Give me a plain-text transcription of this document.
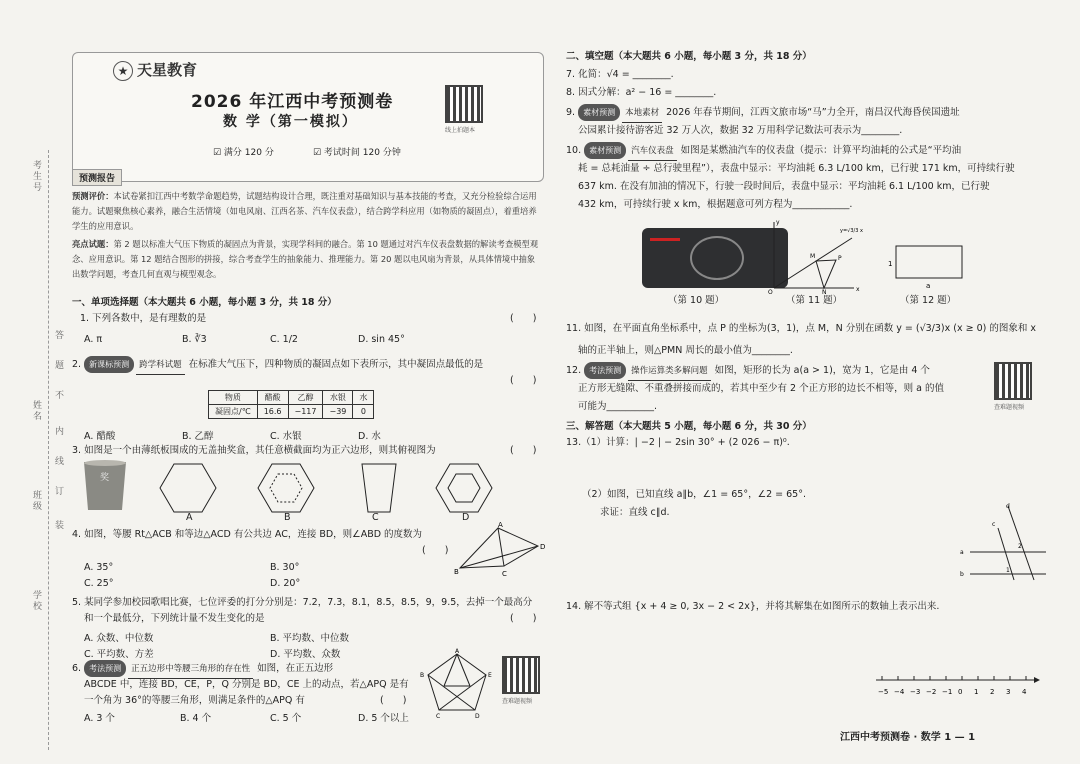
考生号
姓名
班级
学校
答
题
不
内
线
订
装
★ 天星教育
2026 年江西中考预测卷
数 学（第一模拟）
线上拍题本
☑ 满分 120 分	☑ 考试时间 120 分钟
预测报告
预测评价：本试卷紧扣江西中考数学命题趋势，试题结构设计合理，既注重对基础知识与基本技能的考查，又充分检验综合运用能力。试题聚焦核心素养，融合生活情境（如电风扇、江西名茶、汽车仪表盘），结合跨学科应用（如物质的凝固点），着重培养学生的应用意识。
亮点试题：第 2 题以标准大气压下物质的凝固点为背景，实现学科间的融合。第 10 题通过对汽车仪表盘数据的解读考查模型观念、应用意识。第 12 题结合图形的拼接，综合考查学生的抽象能力、推理能力。第 20 题以电风扇为背景，从具体情境中抽象出数学问题，考查几何直观与模型观念。
一、单项选择题（本大题共 6 小题，每小题 3 分，共 18 分）
1. 下列各数中，是有理数的是	(　　)
A. π	B. ∛3	C. 1/2	D. sin 45°
2. 新课标预测 跨学科试题 在标准大气压下，四种物质的凝固点如下表所示，其中凝固点最低的是
(　　)
物质	醋酸	乙醇	水银	水
凝固点/℃	16.6	−117	−39	0
A. 醋酸	B. 乙醇	C. 水银	D. 水
3. 如图是一个由薄纸板围成的无盖抽奖盒，其任意横截面均为正六边形，则其俯视图为	(　　)
奖
A	B	C	D
4. 如图，等腰 Rt△ACB 和等边△ACD 有公共边 AC，连接 BD，则∠ABD 的度数为
(　　)
A
B	C
D
A. 35°	B. 30°
C. 25°	D. 20°
5. 某同学参加校园歌唱比赛，七位评委的打分分别是：7.2，7.3，8.1，8.5，8.5，9，9.5，去掉一个最高分
和一个最低分，下列统计量不发生变化的是	(　　)
A. 众数、中位数	B. 平均数、中位数
C. 平均数、方差	D. 平均数、众数
6. 考法预测 正五边形中等腰三角形的存在性 如图，在正五边形
ABCDE 中，连接 BD，CE，P，Q 分别是 BD，CE 上的动点，若△APQ 是有
一个角为 36°的等腰三角形，则满足条件的△APQ 有	(　　)
A. 3 个	B. 4 个	C. 5 个	D. 5 个以上
A
B
C	D
E
查难题视频
二、填空题（本大题共 6 小题，每小题 3 分，共 18 分）
7. 化简：√4 = ________.
8. 因式分解：a² − 16 = ________.
9. 素材预测 本地素材 2026 年春节期间，江西文旅市场“马”力全开，南昌汉代海昏侯国遗址
公园累计接待游客近 32 万人次，数据 32 万用科学记数法可表示为________.
10. 素材预测 汽车仪表盘 如图是某燃油汽车的仪表盘（提示：计算平均油耗的公式是“平均油
耗 = 总耗油量 ÷ 总行驶里程”），表盘中显示：平均油耗 6.3 L/100 km，已行驶 171 km，可持续行驶
637 km. 在没有加油的情况下，行驶一段时间后，表盘中显示：平均油耗 6.1 L/100 km，已行驶
432 km，可持续行驶 x km，根据题意可列方程为____________.
（第 10 题）
O	x
y
M	P
N
y=√3/3 x
（第 11 题）
1
a
（第 12 题）
11. 如图，在平面直角坐标系中，点 P 的坐标为(3，1)，点 M，N 分别在函数 y = (√3/3)x (x ≥ 0) 的图象和 x
轴的正半轴上，则△PMN 周长的最小值为________.
12. 考法预测 操作运算类多解问题 如图，矩形的长为 a(a > 1)，宽为 1，它是由 4 个
正方形无缝隙、不重叠拼接而成的，若其中至少有 2 个正方形的边长不相等，则 a 的值
可能为__________.	查难题视频
三、解答题（本大题共 5 小题，每小题 6 分，共 30 分）
13.（1）计算：| −2 | − 2sin 30° + (2 026 − π)⁰.
（2）如图，已知直线 a∥b，∠1 = 65°，∠2 = 65°.
求证：直线 c∥d.
a
b
c
d
2
1
14. 解不等式组 {x + 4 ≥ 0, 3x − 2 < 2x}，并将其解集在如图所示的数轴上表示出来.
−5 −4 −3 −2 −1 0 1 2 3 4
江西中考预测卷 · 数学 1 — 1
